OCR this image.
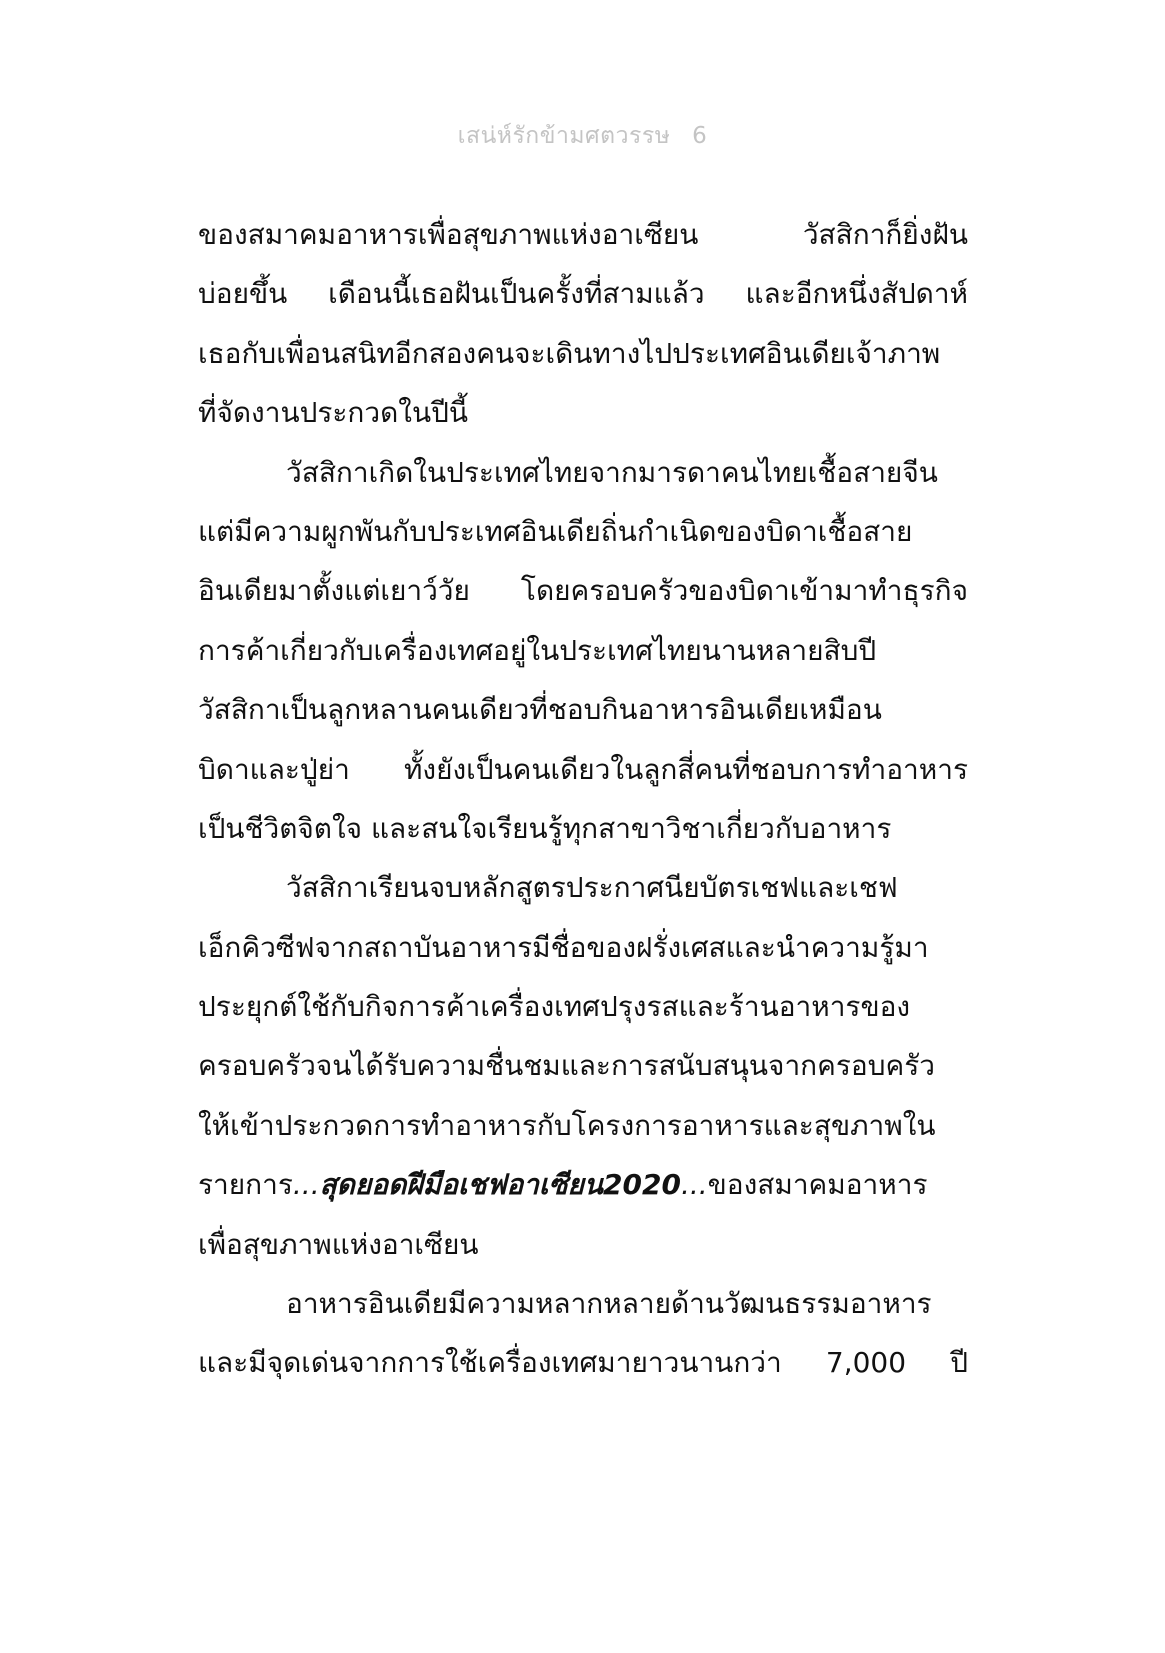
เสน่ห์รักข้ามศตวรรษ 6
ของสมาคมอาหารเพื่อสุขภาพแห่งอาเซียน วัสสิกาก็ยิ่งฝัน
บ่อยขึ้น เดือนนี้เธอฝันเป็นครั้งที่สามแล้ว และอีกหนึ่งสัปดาห์
เธอกับเพื่อนสนิทอีกสองคนจะเดินทางไปประเทศอินเดียเจ้าภาพ
ที่จัดงานประกวดในปีนี้
วัสสิกาเกิดในประเทศไทยจากมารดาคนไทยเชื้อสายจีน
แต่มีความผูกพันกับประเทศอินเดียถิ่นกำเนิดของบิดาเชื้อสาย
อินเดียมาตั้งแต่เยาว์วัย โดยครอบครัวของบิดาเข้ามาทำธุรกิจ
การค้าเกี่ยวกับเครื่องเทศอยู่ในประเทศไทยนานหลายสิบปี
วัสสิกาเป็นลูกหลานคนเดียวที่ชอบกินอาหารอินเดียเหมือน
บิดาและปู่ย่า ทั้งยังเป็นคนเดียวในลูกสี่คนที่ชอบการทำอาหาร
เป็นชีวิตจิตใจ และสนใจเรียนรู้ทุกสาขาวิชาเกี่ยวกับอาหาร
วัสสิกาเรียนจบหลักสูตรประกาศนียบัตรเชฟและเชฟ
เอ็กคิวซีฟจากสถาบันอาหารมีชื่อของฝรั่งเศสและนำความรู้มา
ประยุกต์ใช้กับกิจการค้าเครื่องเทศปรุงรสและร้านอาหารของ
ครอบครัวจนได้รับความชื่นชมและการสนับสนุนจากครอบครัว
ให้เข้าประกวดการทำอาหารกับโครงการอาหารและสุขภาพใน
รายการ...สุดยอดฝีมือเชฟอาเซียน2020...ของสมาคมอาหาร
เพื่อสุขภาพแห่งอาเซียน
อาหารอินเดียมีความหลากหลายด้านวัฒนธรรมอาหาร
และมีจุดเด่นจากการใช้เครื่องเทศมายาวนานกว่า 7,000 ปี
